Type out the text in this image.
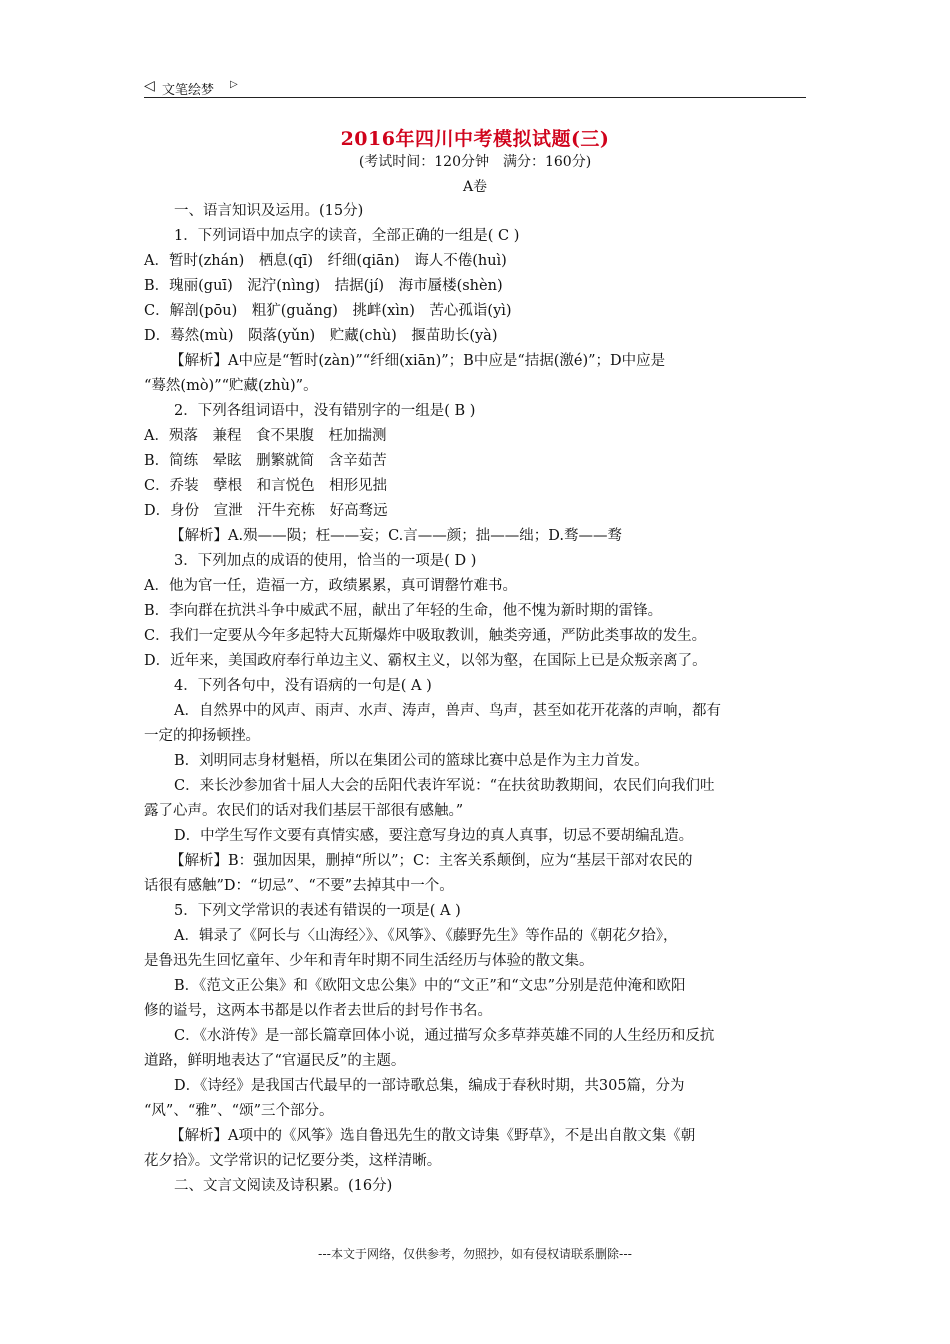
◁ 文笔绘梦 ▷
2016年四川中考模拟试题(三)
(考试时间：120分钟　满分：160分)
A卷
一、语言知识及运用。(15分)
1．下列词语中加点字的读音，全部正确的一组是( C )
A．暂时(zhán)　栖息(qī)　纤细(qiān)　诲人不倦(huì)
B．瑰丽(guī)　泥泞(nìng)　拮据(jí)　海市蜃楼(shèn)
C．解剖(pōu)　粗犷(guǎng)　挑衅(xìn)　苦心孤诣(yì)
D．蓦然(mù)　陨落(yǔn)　贮藏(chù)　揠苗助长(yà)
【解析】A中应是“暂时(zàn)”“纤细(xiān)”；B中应是“拮据(激é)”；D中应是
“蓦然(mò)”“贮藏(zhù)”。
2．下列各组词语中，没有错别字的一组是( B )
A．殒落　兼程　食不果腹　枉加揣测
B．简练　晕眩　删繁就简　含辛茹苦
C．乔装　孽根　和言悦色　相形见拙
D．身份　宣泄　汗牛充栋　好高骛远
【解析】A.殒——陨；枉——妄；C.言——颜；拙——绌；D.骛——骛
3．下列加点的成语的使用，恰当的一项是( D )
A．他为官一任，造福一方，政绩累累，真可谓罄竹难书。
B．李向群在抗洪斗争中威武不屈，献出了年轻的生命，他不愧为新时期的雷锋。
C．我们一定要从今年多起特大瓦斯爆炸中吸取教训，触类旁通，严防此类事故的发生。
D．近年来，美国政府奉行单边主义、霸权主义，以邻为壑，在国际上已是众叛亲离了。
4．下列各句中，没有语病的一句是( A )
A．自然界中的风声、雨声、水声、涛声，兽声、鸟声，甚至如花开花落的声响，都有
一定的抑扬顿挫。
B．刘明同志身材魁梧，所以在集团公司的篮球比赛中总是作为主力首发。
C．来长沙参加省十届人大会的岳阳代表许军说：“在扶贫助教期间，农民们向我们吐
露了心声。农民们的话对我们基层干部很有感触。”
D．中学生写作文要有真情实感，要注意写身边的真人真事，切忌不要胡编乱造。
【解析】B：强加因果，删掉“所以”；C：主客关系颠倒，应为“基层干部对农民的
话很有感触”D：“切忌”、“不要”去掉其中一个。
5．下列文学常识的表述有错误的一项是( A )
A．辑录了《阿长与〈山海经〉》、《风筝》、《藤野先生》等作品的《朝花夕拾》，
是鲁迅先生回忆童年、少年和青年时期不同生活经历与体验的散文集。
B．《范文正公集》和《欧阳文忠公集》中的“文正”和“文忠”分别是范仲淹和欧阳
修的谥号，这两本书都是以作者去世后的封号作书名。
C．《水浒传》是一部长篇章回体小说，通过描写众多草莽英雄不同的人生经历和反抗
道路，鲜明地表达了“官逼民反”的主题。
D．《诗经》是我国古代最早的一部诗歌总集，编成于春秋时期，共305篇，分为
“风”、“雅”、“颂”三个部分。
【解析】A项中的《风筝》选自鲁迅先生的散文诗集《野草》，不是出自散文集《朝
花夕拾》。文学常识的记忆要分类，这样清晰。
二、文言文阅读及诗积累。(16分)
---本文于网络，仅供参考，勿照抄，如有侵权请联系删除---
